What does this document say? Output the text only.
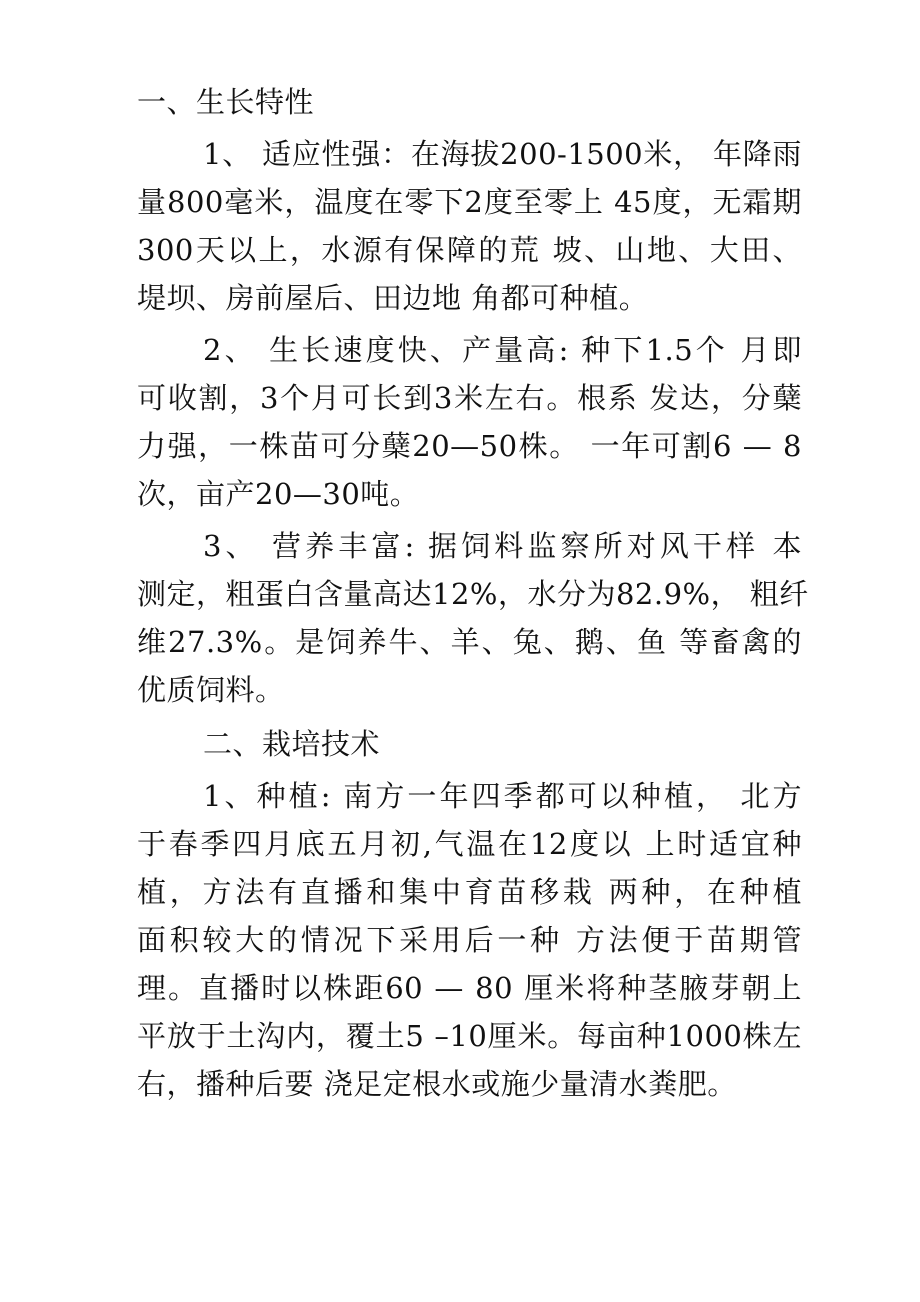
一、生长特性
1、 适应性强：在海拔200-1500米， 年降雨
量800毫米，温度在零下2度至零上 45度，无霜期
300天以上，水源有保障的荒 坡、山地、大田、
堤坝、房前屋后、田边地 角都可种植。
2、 生长速度快、产量高: 种下1.5个 月即
可收割，3个月可长到3米左右。根系 发达，分蘖
力强，一株苗可分蘖20—50株。 一年可割6 — 8
次，亩产20—30吨。
3、 营养丰富: 据饲料监察所对风干样 本
测定，粗蛋白含量高达12%，水分为82.9%， 粗纤
维27.3%。是饲养牛、羊、兔、鹅、鱼 等畜禽的
优质饲料。
二、栽培技术
1、种植: 南方一年四季都可以种植， 北方
于春季四月底五月初,气温在12度以 上时适宜种
植，方法有直播和集中育苗移栽 两种，在种植
面积较大的情况下采用后一种 方法便于苗期管
理。直播时以株距60 — 80 厘米将种茎腋芽朝上
平放于土沟内，覆土5 –10厘米。每亩种1000株左
右，播种后要 浇足定根水或施少量清水粪肥。
